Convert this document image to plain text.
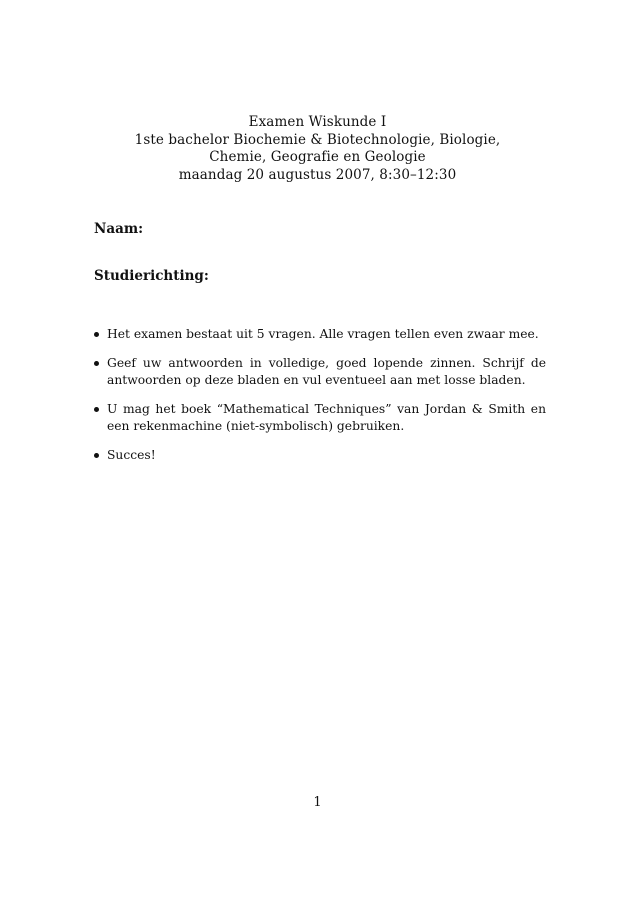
Examen Wiskunde I
1ste bachelor Biochemie & Biotechnologie, Biologie,
Chemie, Geografie en Geologie
maandag 20 augustus 2007, 8:30–12:30
Naam:
Studierichting:
Het examen bestaat uit 5 vragen. Alle vragen tellen even zwaar mee.
Geef uw antwoorden in volledige, goed lopende zinnen. Schrijf de antwoorden op deze bladen en vul eventueel aan met losse bladen.
U mag het boek “Mathematical Techniques” van Jordan & Smith en een rekenmachine (niet-symbolisch) gebruiken.
Succes!
1
